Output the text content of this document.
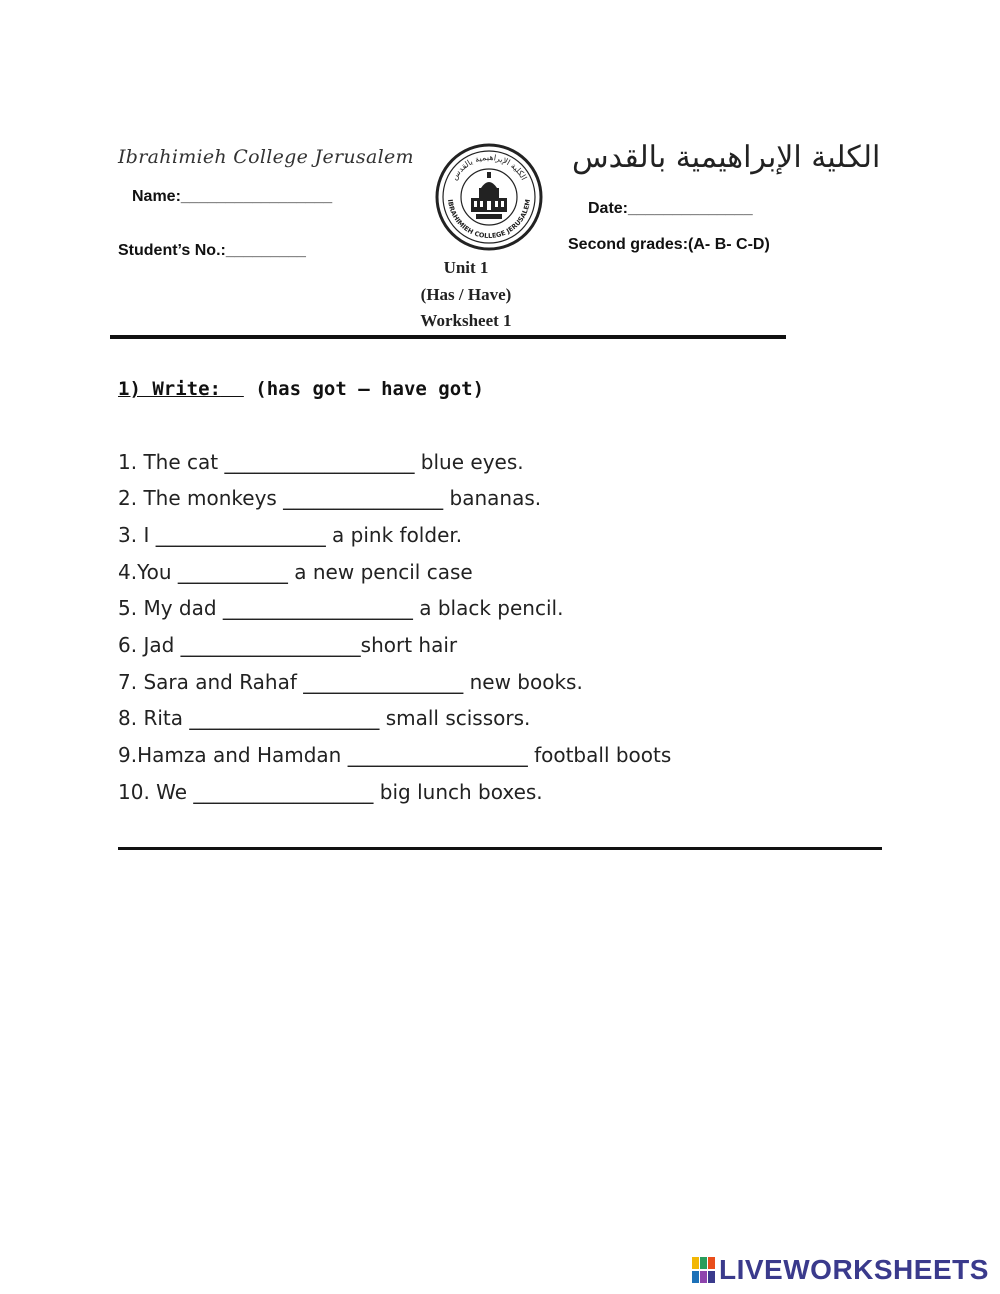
Ibrahimieh College Jerusalem	الكلية الإبراهيمية بالقدس
Name:_________________
Student’s No.:_________
Date:______________
Second grades:(A- B- C-D)
الكلية الإبراهيمية بالقدس
IBRAHIMIEH COLLEGE JERUSALEM
Unit 1
(Has / Have)
Worksheet 1
1) Write:   (has got – have got)
1. The cat ___________________ blue eyes.
2. The monkeys ________________ bananas.
3. I _________________ a pink folder.
4.You ___________ a new pencil case
5. My dad ___________________ a black pencil.
6. Jad __________________short hair
7. Sara and Rahaf ________________ new books.
8. Rita ___________________ small scissors.
9.Hamza and Hamdan __________________ football boots
10. We __________________ big lunch boxes.
LIVEWORKSHEETS
